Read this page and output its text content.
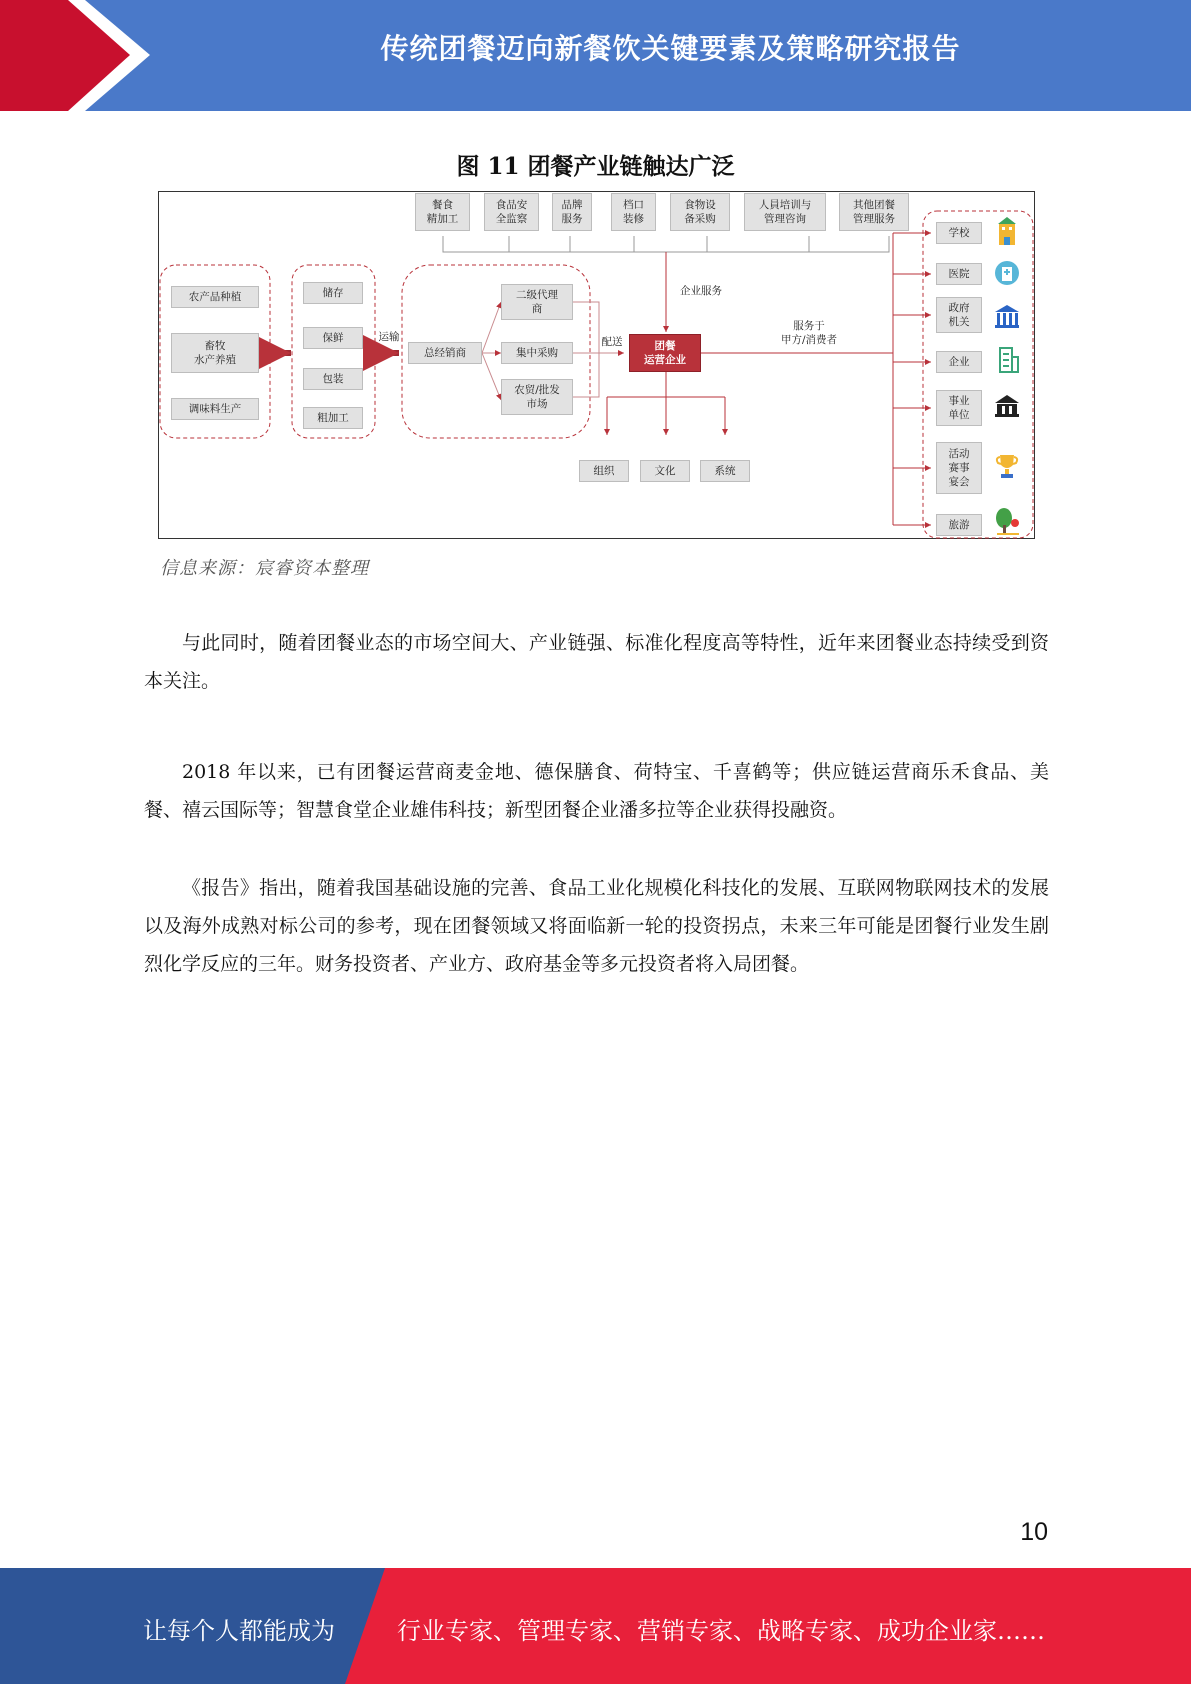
传统团餐迈向新餐饮关键要素及策略研究报告
图 11 团餐产业链触达广泛
餐食
精加工
食品安
全监察
品牌
服务
档口
装修
食物设
备采购
人員培训与
管理咨询
其他团餐
管理服务
农产品种植
畜牧
水产养殖
调味料生产
储存
保鲜
包装
粗加工
运输
总经销商
二级代理
商
集中采购
农贸/批发
市场
配送	团餐
运营企业
企业服务
服务于
甲方/消费者
组织	文化	系统
学校
医院
政府
机关
企业
事业
单位
活动
赛事
宴会
旅游
信息来源：宸睿资本整理

与此同时，随着团餐业态的市场空间大、产业链强、标准化程度高等特性，近年来团餐业态持续受到资本关注。

2018 年以来，已有团餐运营商麦金地、德保膳食、荷特宝、千喜鹤等；供应链运营商乐禾食品、美餐、禧云国际等；智慧食堂企业雄伟科技；新型团餐企业潘多拉等企业获得投融资。

《报告》指出，随着我国基础设施的完善、食品工业化规模化科技化的发展、互联网物联网技术的发展以及海外成熟对标公司的参考，现在团餐领域又将面临新一轮的投资拐点，未来三年可能是团餐行业发生剧烈化学反应的三年。财务投资者、产业方、政府基金等多元投资者将入局团餐。

10
让每个人都能成为	行业专家、管理专家、营销专家、战略专家、成功企业家……
